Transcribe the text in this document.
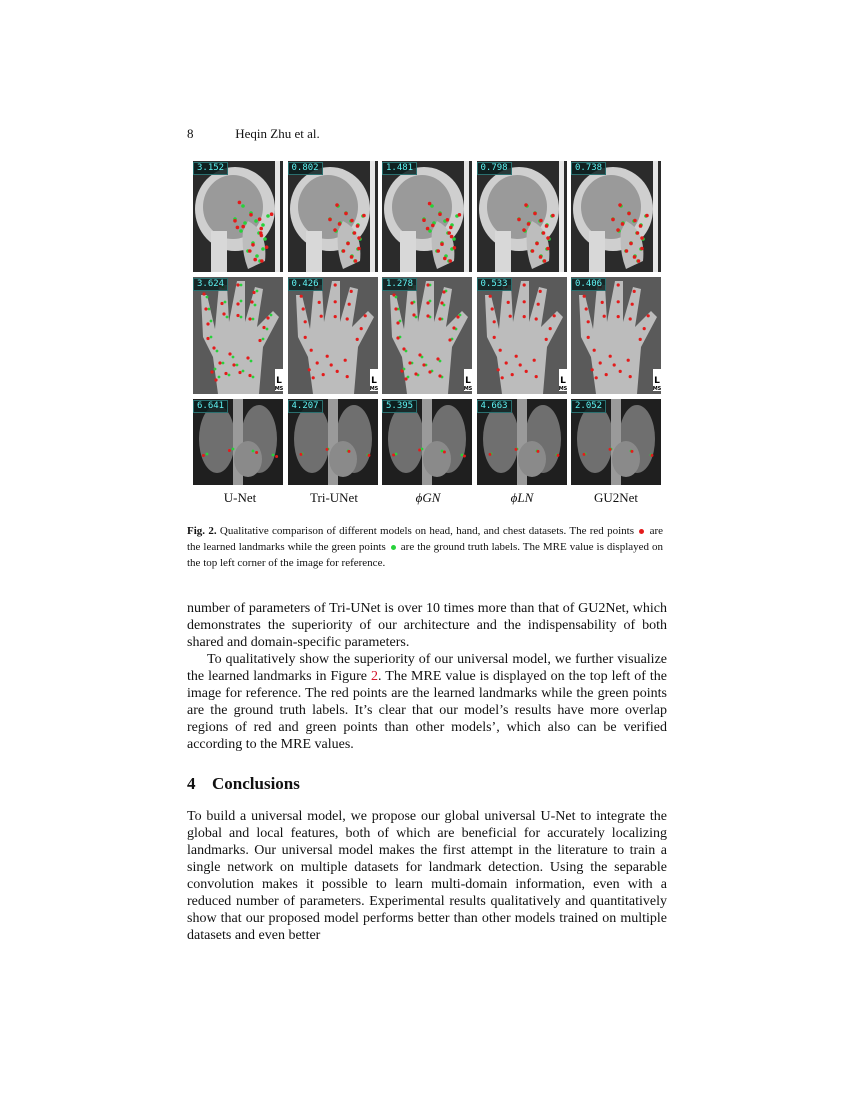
8	Heqin Zhu et al.
3.152	0.802	1.481	0.798	0.738
L
MS
3.624
L
MS
0.426
L
MS
1.278
L
MS
0.533
L
MS
0.406
6.641	4.207	5.395	4.663	2.052
U-Net	Tri-UNet	ϕGN	ϕLN	GU2Net
Fig. 2. Qualitative comparison of different models on head, hand, and chest datasets. The red points are the learned landmarks while the green points are the ground truth labels. The MRE value is displayed on the top left corner of the image for reference.

number of parameters of Tri-UNet is over 10 times more than that of GU2Net, which demonstrates the superiority of our architecture and the indispensability of both shared and domain-specific parameters.

To qualitatively show the superiority of our universal model, we further visualize the learned landmarks in Figure 2. The MRE value is displayed on the top left of the image for reference. The red points are the learned landmarks while the green points are the ground truth labels. It’s clear that our model’s results have more overlap regions of red and green points than other models’, which also can be verified according to the MRE values.

4 Conclusions

To build a universal model, we propose our global universal U-Net to integrate the global and local features, both of which are beneficial for accurately localizing landmarks. Our universal model makes the first attempt in the literature to train a single network on multiple datasets for landmark detection. Using the separable convolution makes it possible to learn multi-domain information, even with a reduced number of parameters. Experimental results qualitatively and quantitatively show that our proposed model performs better than other models trained on multiple datasets and even better
